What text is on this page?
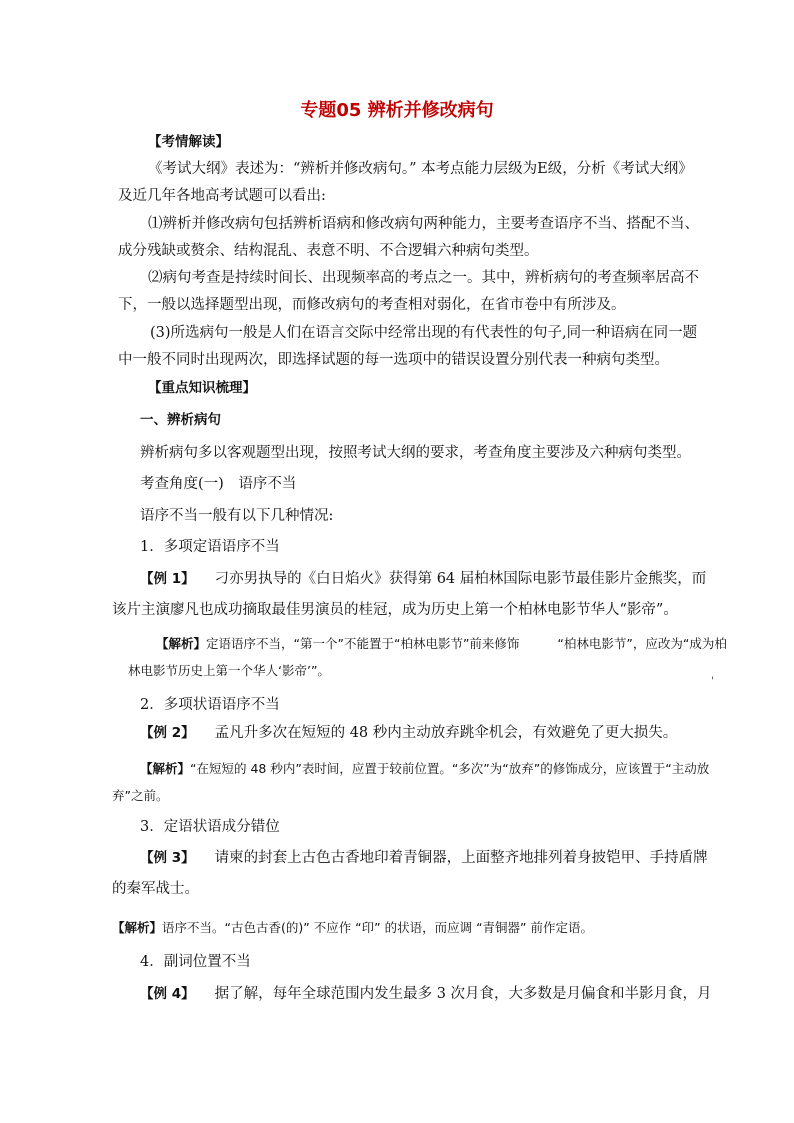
专题05 辨析并修改病句
【考情解读】
《考试大纲》表述为：“辨析并修改病句。” 本考点能力层级为E级，分析《考试大纲》
及近几年各地高考试题可以看出:
⑴辨析并修改病句包括辨析语病和修改病句两种能力，主要考查语序不当、搭配不当、
成分残缺或赘余、结构混乱、表意不明、不合逻辑六种病句类型。
⑵病句考查是持续时间长、出现频率高的考点之一。其中，辨析病句的考查频率居高不
下，一般以选择题型出现，而修改病句的考查相对弱化，在省市卷中有所涉及。
(3)所选病句一般是人们在语言交际中经常出现的有代表性的句子,同一种语病在同一题
中一般不同时出现两次，即选择试题的每一选项中的错误设置分别代表一种病句类型。
【重点知识梳理】
一、辨析病句
辨析病句多以客观题型出现，按照考试大纲的要求，考查角度主要涉及六种病句类型。
考查角度(一)　语序不当
语序不当一般有以下几种情况:
1．多项定语语序不当
【例 1】 刁亦男执导的《白日焰火》获得第 64 届柏林国际电影节最佳影片金熊奖，而
该片主演廖凡也成功摘取最佳男演员的桂冠，成为历史上第一个柏林电影节华人“影帝”。
【解析】定语语序不当，“第一个”不能置于“柏林电影节”前来修饰	“柏林电影节”，应改为“成为柏
林电影节历史上第一个华人‘影帝’”。
'
2．多项状语语序不当
【例 2】 孟凡升多次在短短的 48 秒内主动放弃跳伞机会，有效避免了更大损失。
【解析】“在短短的 48 秒内”表时间，应置于较前位置。“多次”为“放弃”的修饰成分，应该置于“主动放
弃”之前。
3．定语状语成分错位
【例 3】 请柬的封套上古色古香地印着青铜器，上面整齐地排列着身披铠甲、手持盾牌
的秦军战士。
【解析】语序不当。“古色古香(的)” 不应作 “印” 的状语，而应调 “青铜器” 前作定语。
4．副词位置不当
【例 4】 据了解，每年全球范围内发生最多 3 次月食，大多数是月偏食和半影月食，月
